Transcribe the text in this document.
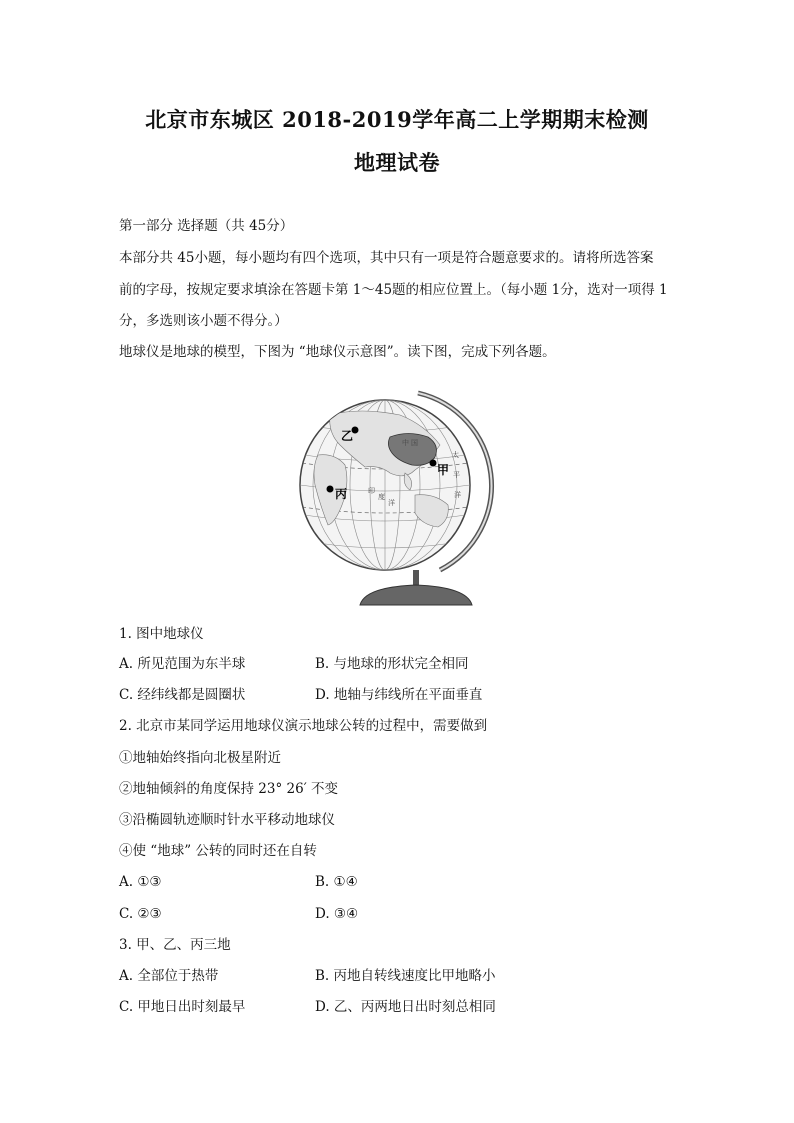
北京市东城区 2018-2019学年高二上学期期末检测
地理试卷
第一部分 选择题（共 45分）
本部分共 45小题，每小题均有四个选项，其中只有一项是符合题意要求的。请将所选答案
前的字母，按规定要求填涂在答题卡第 1～45题的相应位置上。（每小题 1分，选对一项得 1
分，多选则该小题不得分。）
地球仪是地球的模型，下图为 “地球仪示意图”。读下图，完成下列各题。
乙
甲
丙
太
平
洋
印
度
洋
中 国
1. 图中地球仪
A. 所见范围为东半球	B. 与地球的形状完全相同
C. 经纬线都是圆圈状	D. 地轴与纬线所在平面垂直
2. 北京市某同学运用地球仪演示地球公转的过程中，需要做到
①地轴始终指向北极星附近
②地轴倾斜的角度保持 23° 26′ 不变
③沿椭圆轨迹顺时针水平移动地球仪
④使 “地球” 公转的同时还在自转
A. ①③	B. ①④
C. ②③	D. ③④
3. 甲、乙、丙三地
A. 全部位于热带	B. 丙地自转线速度比甲地略小
C. 甲地日出时刻最早	D. 乙、丙两地日出时刻总相同
